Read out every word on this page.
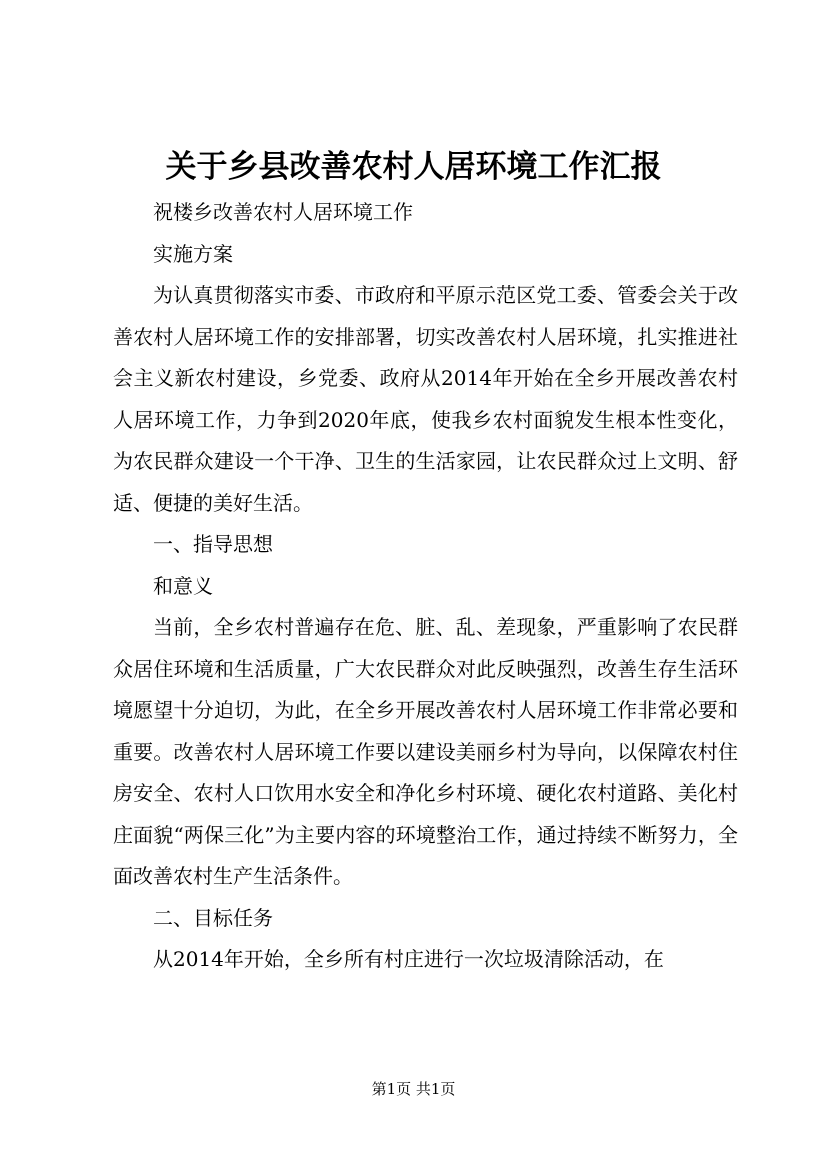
关于乡县改善农村人居环境工作汇报

祝楼乡改善农村人居环境工作

实施方案

为认真贯彻落实市委、市政府和平原示范区党工委、管委会关于改善农村人居环境工作的安排部署，切实改善农村人居环境，扎实推进社会主义新农村建设，乡党委、政府从2014年开始在全乡开展改善农村人居环境工作，力争到2020年底，使我乡农村面貌发生根本性变化，为农民群众建设一个干净、卫生的生活家园，让农民群众过上文明、舒适、便捷的美好生活。

一、指导思想

和意义

当前，全乡农村普遍存在危、脏、乱、差现象，严重影响了农民群众居住环境和生活质量，广大农民群众对此反映强烈，改善生存生活环境愿望十分迫切，为此，在全乡开展改善农村人居环境工作非常必要和重要。改善农村人居环境工作要以建设美丽乡村为导向，以保障农村住房安全、农村人口饮用水安全和净化乡村环境、硬化农村道路、美化村庄面貌“两保三化”为主要内容的环境整治工作，通过持续不断努力，全面改善农村生产生活条件。

二、目标任务

从2014年开始，全乡所有村庄进行一次垃圾清除活动，在

第1页 共1页
